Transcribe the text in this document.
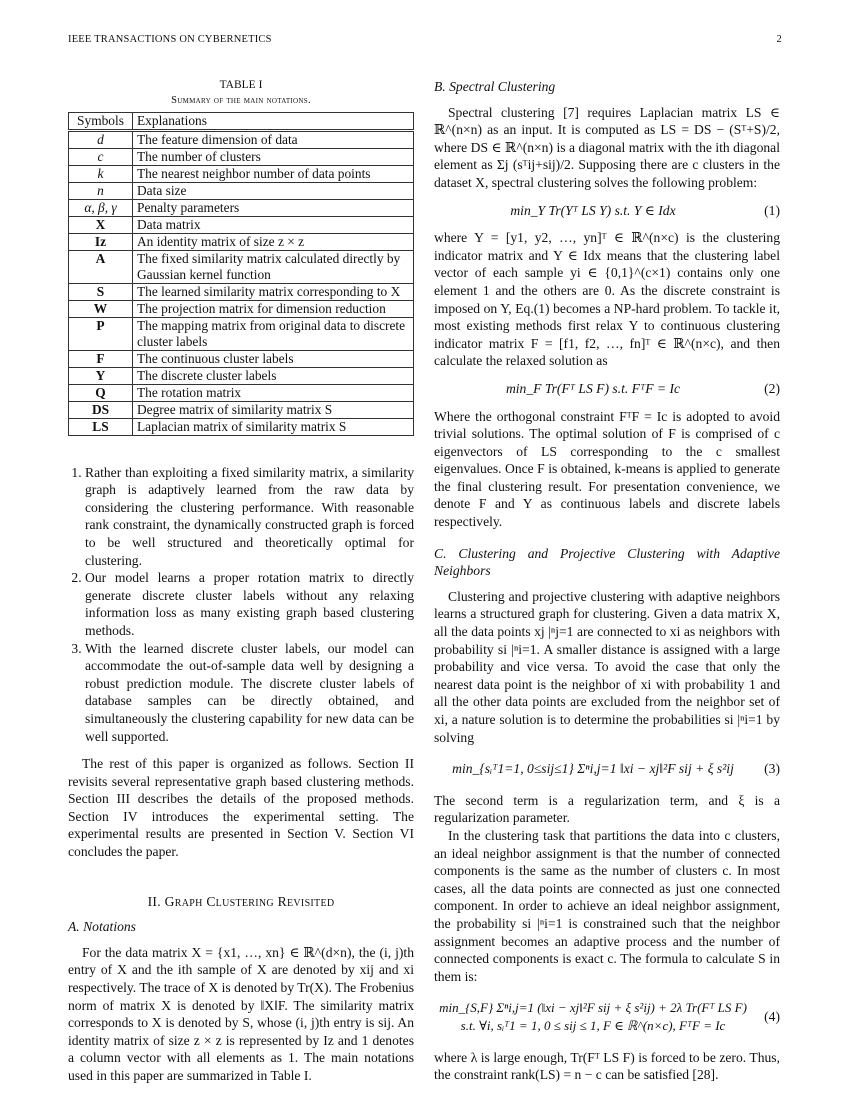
IEEE TRANSACTIONS ON CYBERNETICS	2
TABLE I
Summary of the main notations.
Symbols	Explanations
d	The feature dimension of data
c	The number of clusters
k	The nearest neighbor number of data points
n	Data size
α, β, γ	Penalty parameters
X	Data matrix
Iz	An identity matrix of size z × z
A	The fixed similarity matrix calculated directly by Gaussian kernel function
S	The learned similarity matrix corresponding to X
W	The projection matrix for dimension reduction
P	The mapping matrix from original data to discrete cluster labels
F	The continuous cluster labels
Y	The discrete cluster labels
Q	The rotation matrix
DS	Degree matrix of similarity matrix S
LS	Laplacian matrix of similarity matrix S
1. Rather than exploiting a fixed similarity matrix, a similarity graph is adaptively learned from the raw data by considering the clustering performance. With reasonable rank constraint, the dynamically constructed graph is forced to be well structured and theoretically optimal for clustering.
2. Our model learns a proper rotation matrix to directly generate discrete cluster labels without any relaxing information loss as many existing graph based clustering methods.
3. With the learned discrete cluster labels, our model can accommodate the out-of-sample data well by designing a robust prediction module. The discrete cluster labels of database samples can be directly obtained, and simultaneously the clustering capability for new data can be well supported.

The rest of this paper is organized as follows. Section II revisits several representative graph based clustering methods. Section III describes the details of the proposed methods. Section IV introduces the experimental setting. The experimental results are presented in Section V. Section VI concludes the paper.

II. Graph Clustering Revisited

A. Notations

For the data matrix X = {x1, …, xn} ∈ ℝ^(d×n), the (i, j)th entry of X and the ith sample of X are denoted by xij and xi respectively. The trace of X is denoted by Tr(X). The Frobenius norm of matrix X is denoted by ‖X‖F. The similarity matrix corresponds to X is denoted by S, whose (i, j)th entry is sij. An identity matrix of size z × z is represented by Iz and 1 denotes a column vector with all elements as 1. The main notations used in this paper are summarized in Table I.

B. Spectral Clustering

Spectral clustering [7] requires Laplacian matrix LS ∈ ℝ^(n×n) as an input. It is computed as LS = DS − (Sᵀ+S)/2, where DS ∈ ℝ^(n×n) is a diagonal matrix with the ith diagonal element as Σj (sᵀij+sij)/2. Supposing there are c clusters in the dataset X, spectral clustering solves the following problem:

min_Y Tr(Yᵀ LS Y) s.t. Y ∈ Idx	(1)

where Y = [y1, y2, …, yn]ᵀ ∈ ℝ^(n×c) is the clustering indicator matrix and Y ∈ Idx means that the clustering label vector of each sample yi ∈ {0,1}^(c×1) contains only one element 1 and the others are 0. As the discrete constraint is imposed on Y, Eq.(1) becomes a NP-hard problem. To tackle it, most existing methods first relax Y to continuous clustering indicator matrix F = [f1, f2, …, fn]ᵀ ∈ ℝ^(n×c), and then calculate the relaxed solution as

min_F Tr(Fᵀ LS F) s.t. FᵀF = Ic	(2)

Where the orthogonal constraint FᵀF = Ic is adopted to avoid trivial solutions. The optimal solution of F is comprised of c eigenvectors of LS corresponding to the c smallest eigenvalues. Once F is obtained, k-means is applied to generate the final clustering result. For presentation convenience, we denote F and Y as continuous labels and discrete labels respectively.

C. Clustering and Projective Clustering with Adaptive Neighbors

Clustering and projective clustering with adaptive neighbors learns a structured graph for clustering. Given a data matrix X, all the data points xj |ⁿj=1 are connected to xi as neighbors with probability si |ⁿi=1. A smaller distance is assigned with a large probability and vice versa. To avoid the case that only the nearest data point is the neighbor of xi with probability 1 and all the other data points are excluded from the neighbor set of xi, a nature solution is to determine the probabilities si |ⁿi=1 by solving

min_{sᵢᵀ1=1, 0≤sij≤1} Σⁿi,j=1 ‖xi − xj‖²F sij + ξ s²ij	(3)

The second term is a regularization term, and ξ is a regularization parameter.

In the clustering task that partitions the data into c clusters, an ideal neighbor assignment is that the number of connected components is the same as the number of clusters c. In most cases, all the data points are connected as just one connected component. In order to achieve an ideal neighbor assignment, the probability si |ⁿi=1 is constrained such that the neighbor assignment becomes an adaptive process and the number of connected components is exact c. The formula to calculate S in them is:

min_{S,F} Σⁿi,j=1 (‖xi − xj‖²F sij + ξ s²ij) + 2λ Tr(Fᵀ LS F)
s.t. ∀i, sᵢᵀ1 = 1, 0 ≤ sij ≤ 1, F ∈ ℝ^(n×c), FᵀF = Ic
(4)

where λ is large enough, Tr(Fᵀ LS F) is forced to be zero. Thus, the constraint rank(LS) = n − c can be satisfied [28].
